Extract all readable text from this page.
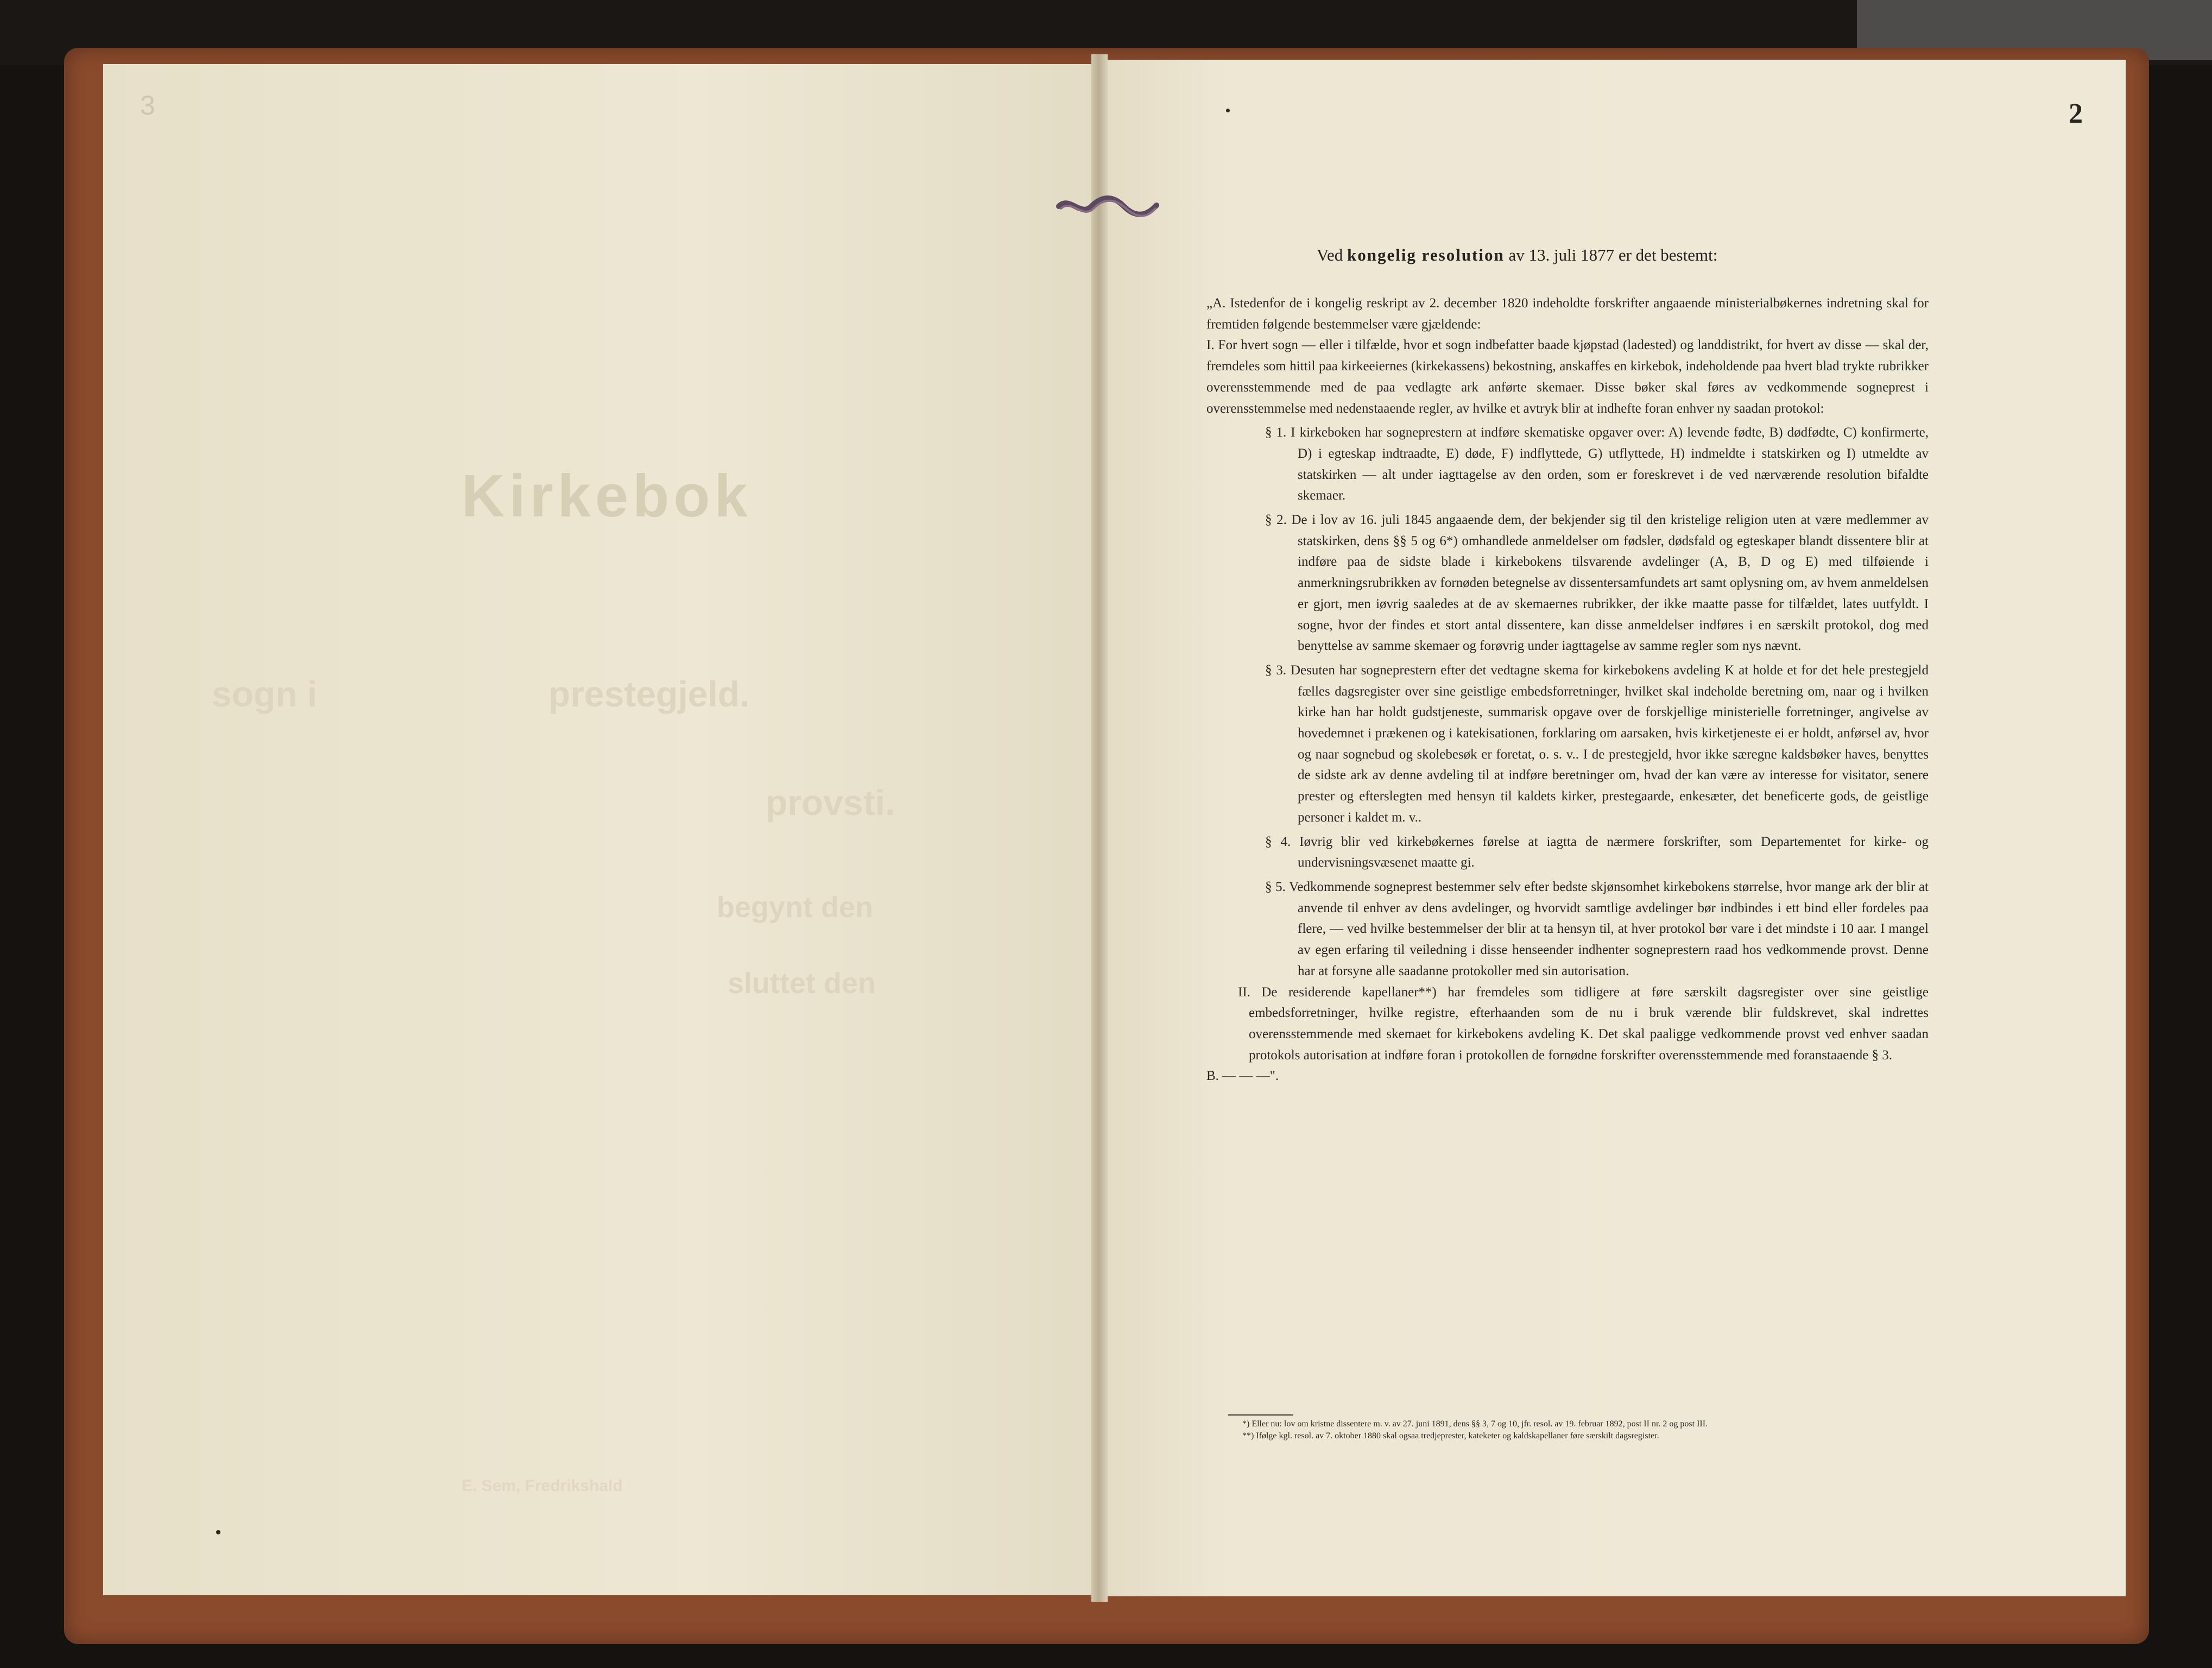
3
Kirkebok
sogn i	prestegjeld.
provsti.
begynt den
sluttet den
E. Sem, Fredrikshald
2
Ved kongelig resolution av 13. juli 1877 er det bestemt:

„A. Istedenfor de i kongelig reskript av 2. december 1820 indeholdte forskrifter angaaende ministerialbøkernes indretning skal for fremtiden følgende bestemmelser være gjældende:

I. For hvert sogn — eller i tilfælde, hvor et sogn indbefatter baade kjøpstad (ladested) og landdistrikt, for hvert av disse — skal der, fremdeles som hittil paa kirkeeiernes (kirkekassens) bekostning, anskaffes en kirkebok, indeholdende paa hvert blad trykte rubrikker overensstemmende med de paa vedlagte ark anførte skemaer. Disse bøker skal føres av vedkommende sogneprest i overensstemmelse med nedenstaaende regler, av hvilke et avtryk blir at indhefte foran enhver ny saadan protokol:

§ 1. I kirkeboken har sogneprestern at indføre skematiske opgaver over: A) levende fødte, B) dødfødte, C) konfirmerte, D) i egteskap indtraadte, E) døde, F) indflyttede, G) utflyttede, H) indmeldte i statskirken og I) utmeldte av statskirken — alt under iagttagelse av den orden, som er foreskrevet i de ved nærværende resolution bifaldte skemaer.

§ 2. De i lov av 16. juli 1845 angaaende dem, der bekjender sig til den kristelige religion uten at være medlemmer av statskirken, dens §§ 5 og 6*) omhandlede anmeldelser om fødsler, dødsfald og egteskaper blandt dissentere blir at indføre paa de sidste blade i kirkebokens tilsvarende avdelinger (A, B, D og E) med tilføiende i anmerkningsrubrikken av fornøden betegnelse av dissentersamfundets art samt oplysning om, av hvem anmeldelsen er gjort, men iøvrig saaledes at de av skemaernes rubrikker, der ikke maatte passe for tilfældet, lates uutfyldt. I sogne, hvor der findes et stort antal dissentere, kan disse anmeldelser indføres i en særskilt protokol, dog med benyttelse av samme skemaer og forøvrig under iagttagelse av samme regler som nys nævnt.

§ 3. Desuten har sogneprestern efter det vedtagne skema for kirkebokens avdeling K at holde et for det hele prestegjeld fælles dagsregister over sine geistlige embedsforretninger, hvilket skal indeholde beretning om, naar og i hvilken kirke han har holdt gudstjeneste, summarisk opgave over de forskjellige ministerielle forretninger, angivelse av hovedemnet i prækenen og i katekisationen, forklaring om aarsaken, hvis kirketjeneste ei er holdt, anførsel av, hvor og naar sognebud og skolebesøk er foretat, o. s. v.. I de prestegjeld, hvor ikke særegne kaldsbøker haves, benyttes de sidste ark av denne avdeling til at indføre beretninger om, hvad der kan være av interesse for visitator, senere prester og efterslegten med hensyn til kaldets kirker, prestegaarde, enkesæter, det beneficerte gods, de geistlige personer i kaldet m. v..

§ 4. Iøvrig blir ved kirkebøkernes førelse at iagtta de nærmere forskrifter, som Departementet for kirke- og undervisningsvæsenet maatte gi.

§ 5. Vedkommende sogneprest bestemmer selv efter bedste skjønsomhet kirkebokens størrelse, hvor mange ark der blir at anvende til enhver av dens avdelinger, og hvorvidt samtlige avdelinger bør indbindes i ett bind eller fordeles paa flere, — ved hvilke bestemmelser der blir at ta hensyn til, at hver protokol bør vare i det mindste i 10 aar. I mangel av egen erfaring til veiledning i disse henseender indhenter sogneprestern raad hos vedkommende provst. Denne har at forsyne alle saadanne protokoller med sin autorisation.

II. De residerende kapellaner**) har fremdeles som tidligere at føre særskilt dagsregister over sine geistlige embedsforretninger, hvilke registre, efterhaanden som de nu i bruk værende blir fuldskrevet, skal indrettes overensstemmende med skemaet for kirkebokens avdeling K. Det skal paaligge vedkommende provst ved enhver saadan protokols autorisation at indføre foran i protokollen de fornødne forskrifter overensstemmende med foranstaaende § 3.

B. — — —".

*) Eller nu: lov om kristne dissentere m. v. av 27. juni 1891, dens §§ 3, 7 og 10, jfr. resol. av 19. februar 1892, post II nr. 2 og post III.

**) Ifølge kgl. resol. av 7. oktober 1880 skal ogsaa tredjeprester, kateketer og kaldskapellaner føre særskilt dagsregister.
